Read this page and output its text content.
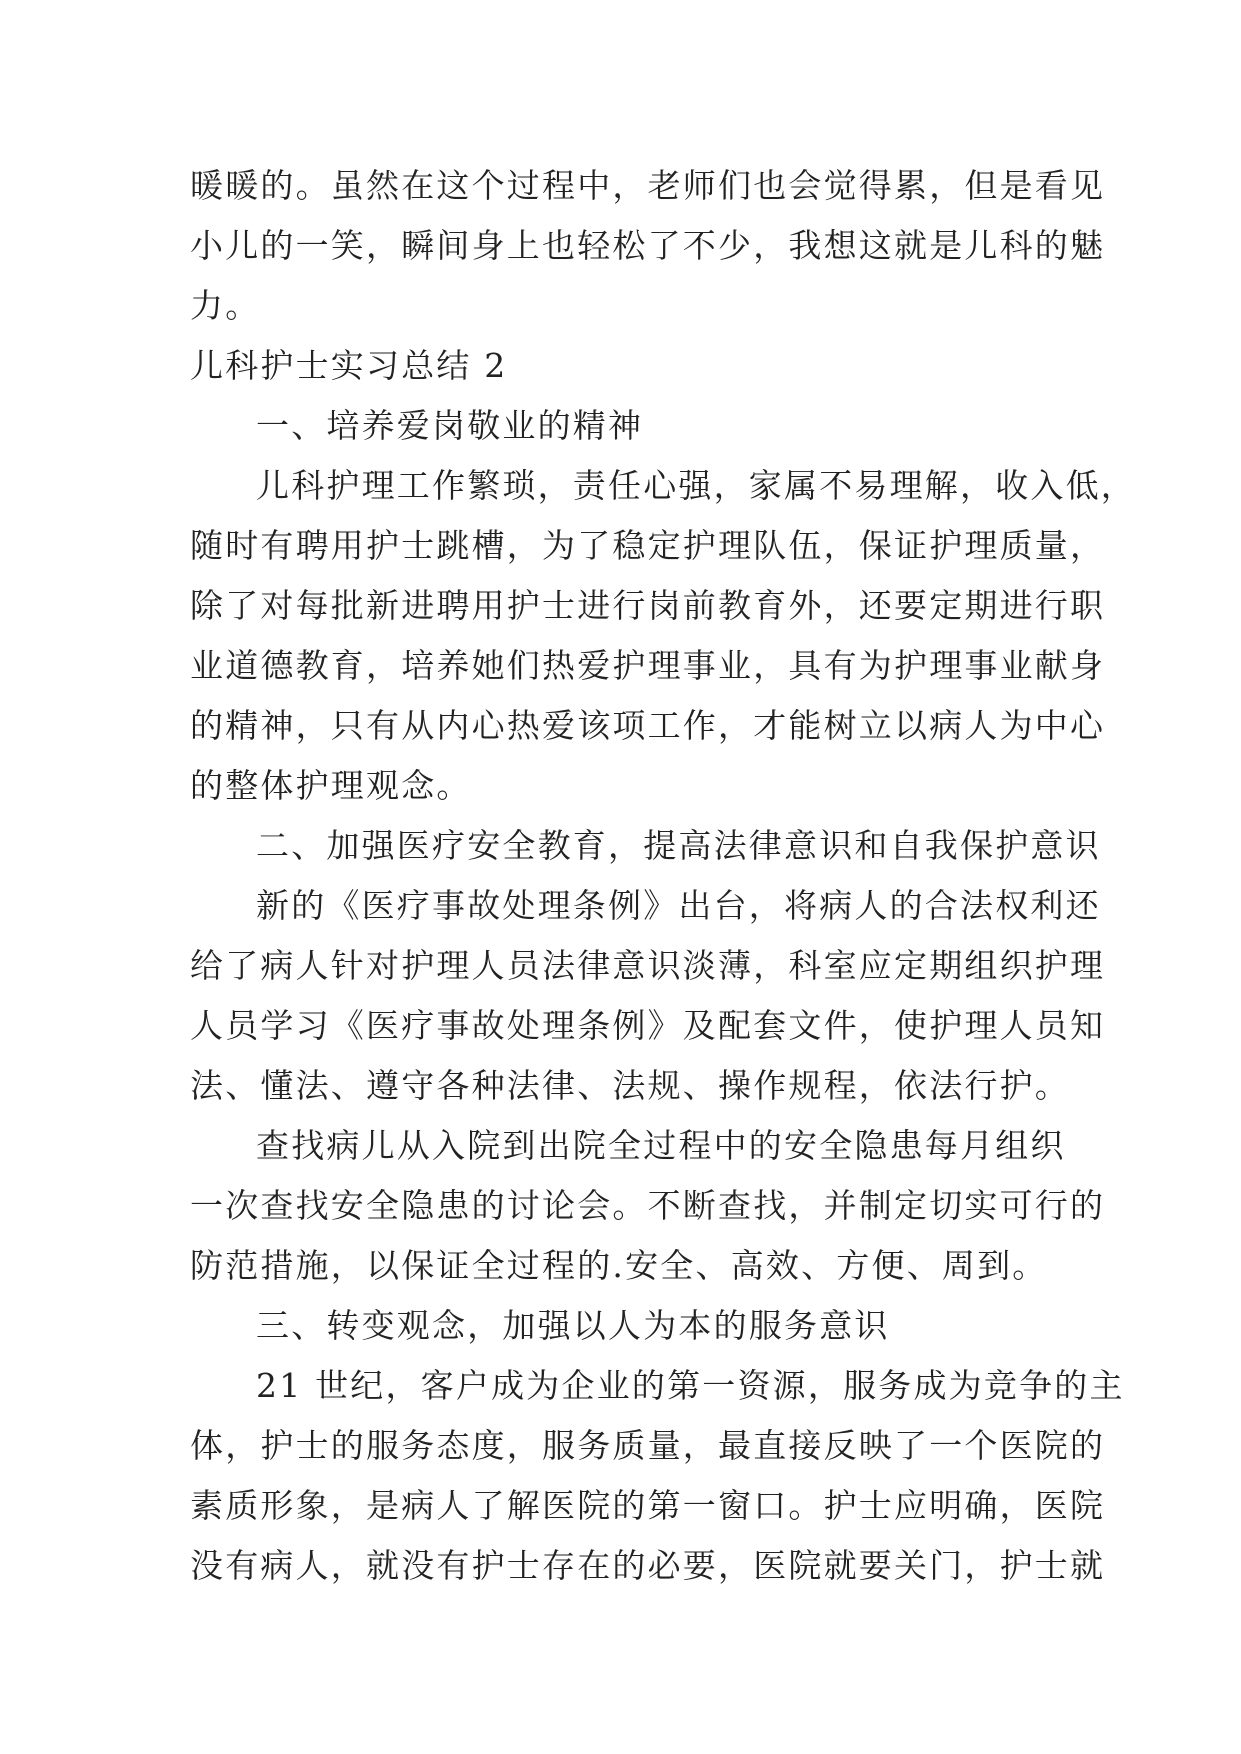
暖暖的。虽然在这个过程中，老师们也会觉得累，但是看见
小儿的一笑，瞬间身上也轻松了不少，我想这就是儿科的魅
力。
儿科护士实习总结 2
一、培养爱岗敬业的精神
儿科护理工作繁琐，责任心强，家属不易理解，收入低，
随时有聘用护士跳槽，为了稳定护理队伍，保证护理质量，
除了对每批新进聘用护士进行岗前教育外，还要定期进行职
业道德教育，培养她们热爱护理事业，具有为护理事业献身
的精神，只有从内心热爱该项工作，才能树立以病人为中心
的整体护理观念。
二、加强医疗安全教育，提高法律意识和自我保护意识
新的《医疗事故处理条例》出台，将病人的合法权利还
给了病人针对护理人员法律意识淡薄，科室应定期组织护理
人员学习《医疗事故处理条例》及配套文件，使护理人员知
法、懂法、遵守各种法律、法规、操作规程，依法行护。
查找病儿从入院到出院全过程中的安全隐患每月组织
一次查找安全隐患的讨论会。不断查找，并制定切实可行的
防范措施，以保证全过程的.安全、高效、方便、周到。
三、转变观念，加强以人为本的服务意识
21 世纪，客户成为企业的第一资源，服务成为竞争的主
体，护士的服务态度，服务质量，最直接反映了一个医院的
素质形象，是病人了解医院的第一窗口。护士应明确，医院
没有病人，就没有护士存在的必要，医院就要关门，护士就
